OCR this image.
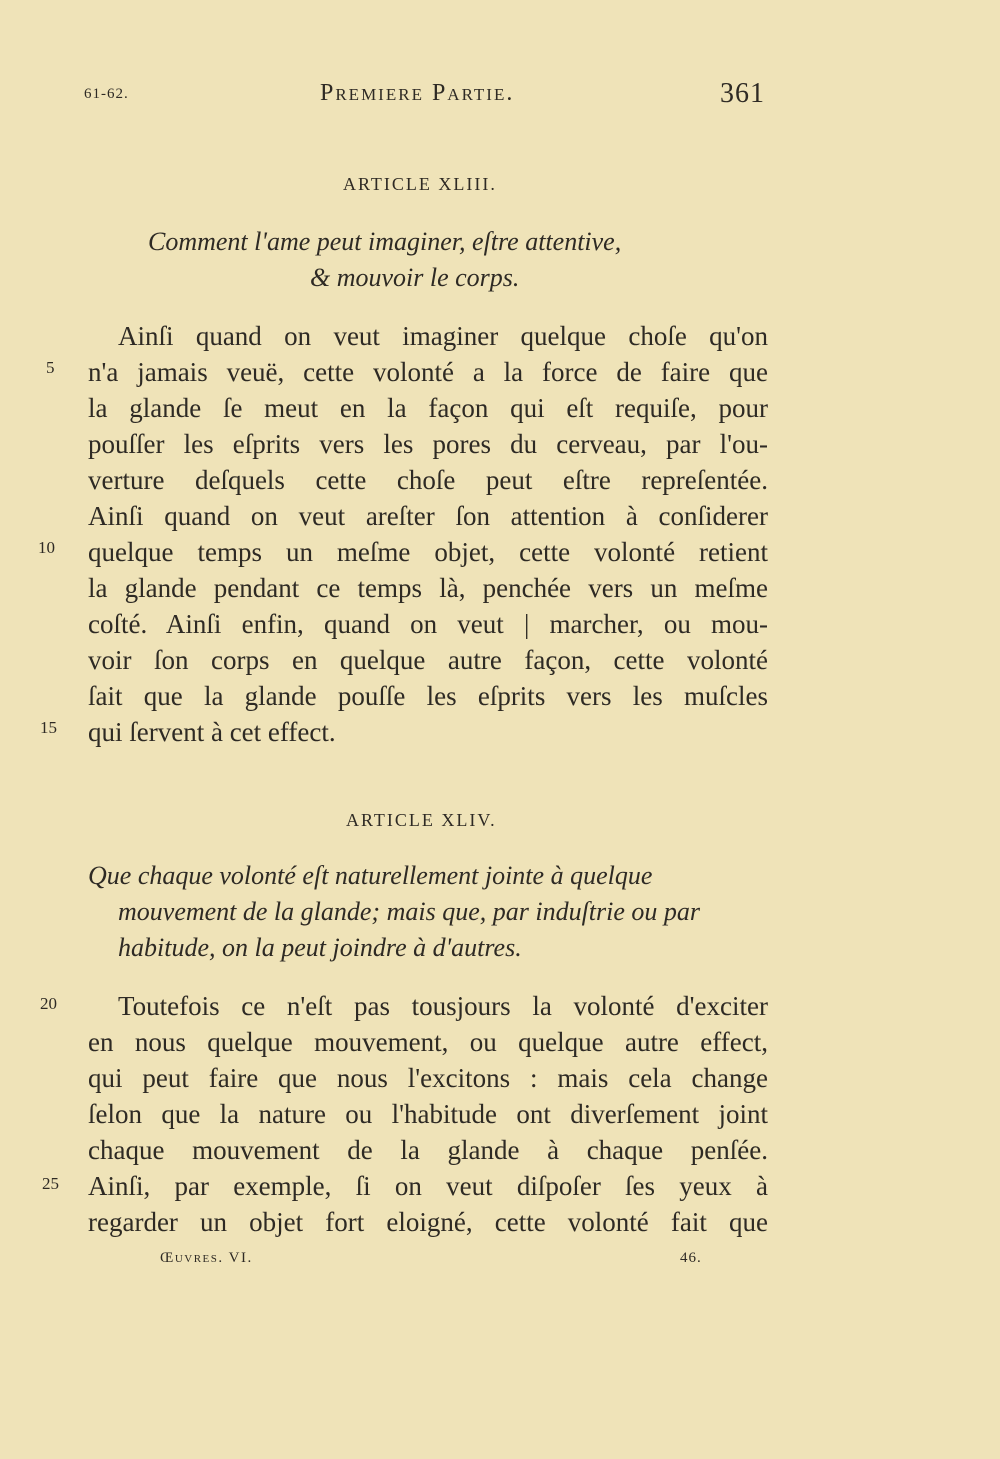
61-62.	Premiere Partie.	361
ARTICLE XLIII.
Comment l'ame peut imaginer, eſtre attentive,
& mouvoir le corps.
Ainſi quand on veut imaginer quelque choſe qu'on
5	n'a jamais veuë, cette volonté a la force de faire que
la glande ſe meut en la façon qui eſt requiſe, pour
pouſſer les eſprits vers les pores du cerveau, par l'ou-
verture deſquels cette choſe peut eſtre repreſentée.
Ainſi quand on veut areſter ſon attention à conſiderer
10	quelque temps un meſme objet, cette volonté retient
la glande pendant ce temps là, penchée vers un meſme
coſté. Ainſi enfin, quand on veut | marcher, ou mou-
voir ſon corps en quelque autre façon, cette volonté
ſait que la glande pouſſe les eſprits vers les muſcles
15	qui ſervent à cet effect.
ARTICLE XLIV.
Que chaque volonté eſt naturellement jointe à quelque
mouvement de la glande; mais que, par induſtrie ou par
habitude, on la peut joindre à d'autres.
20	Toutefois ce n'eſt pas tousjours la volonté d'exciter
en nous quelque mouvement, ou quelque autre effect,
qui peut faire que nous l'excitons : mais cela change
ſelon que la nature ou l'habitude ont diverſement joint
chaque mouvement de la glande à chaque penſée.
25	Ainſi, par exemple, ſi on veut diſpoſer ſes yeux à
regarder un objet fort eloigné, cette volonté fait que
Œuvres. VI.	46.
